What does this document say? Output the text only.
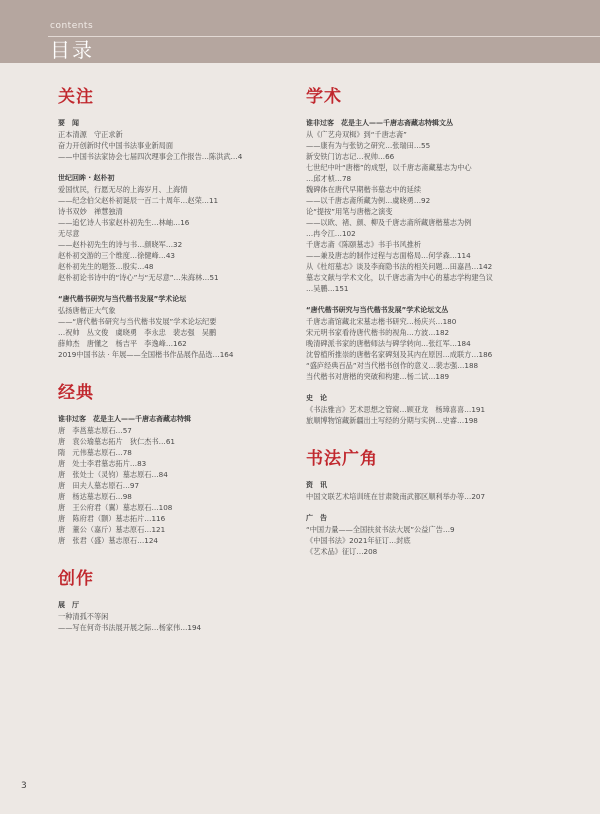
contents
目录
关注
要　闻
正本清源　守正求新
奋力开创新时代中国书法事业新局面
——中国书法家协会七届四次理事会工作报告…陈洪武…4
世纪回眸 · 赵朴初
爱国忧民，行愿无尽的上海岁月、上海情
——纪念伯父赵朴初诞辰一百二十周年…赵荣…11
诗书双妙　禅慧独清
——追忆诗人书家赵朴初先生…林岫…16
无尽意
——赵朴初先生的诗与书…颜晓军…32
赵朴初交游的三个维度…徐健峰…43
赵朴初先生的题签…殷实…48
赵朴初论书诗中的“诗心”与“无尽意”…朱海林…51
“唐代楷书研究与当代楷书发展”学术论坛
弘扬唐楷正大气象
——“唐代楷书研究与当代楷书发展”学术论坛纪要
…祝帅　丛文俊　虞晓勇　李永忠　裴志强　吴鹏
薛帅杰　唐懂之　杨吉平　李逸峰…162
2019中国书法 · 年展——全国楷书作品展作品选…164
经典
谁非过客　花是主人——千唐志斋藏志特辑
唐　李邕墓志原石…57
唐　袁公瑜墓志拓片　狄仁杰书…61
隋　元伟墓志原石…78
唐　处士李君墓志拓片…83
唐　张处士（灵钧）墓志原石…84
唐　田夫人墓志原石…97
唐　杨达墓志原石…98
唐　王公府君（翼）墓志原石…108
唐　陈府君（颢）墓志拓片…116
唐　董公（嘉斤）墓志原石…121
唐　张君（盛）墓志原石…124
创作
展　厅
一种清孤不等闲
——写在何奇书法展开展之际…杨家伟…194
学术
谁非过客　花是主人——千唐志斋藏志特辑文丛
从《广艺舟双楫》到“千唐志斋”
——康有为与张钫之研究…张瑞田…55
新安铁门访志记…祝帅…66
七世纪中叶“唐楷”的成型，以千唐志斋藏墓志为中心
…邱才桢…78
魏碑体在唐代早期楷书墓志中的延续
——以千唐志斋所藏为例…虞晓勇…92
论“提按”用笔与唐楷之演变
——以欧、褚、颜、柳及千唐志斋所藏唐楷墓志为例
…冉令江…102
千唐志斋《陈颐墓志》书手书风推析
——兼及唐志的制作过程与志面格局…何学森…114
从《杜绍墓志》谈及李商隐书法的相关问题…田嘉昌…142
墓志文献与学术文化，以千唐志斋为中心的墓志学构建刍议
…吴鹏…151
“唐代楷书研究与当代楷书发展”学术论坛文丛
千唐志斋馆藏北宋墓志楷书研究…杨庆兴…180
宋元明书家看待唐代楷书的视角…方波…182
晚清碑派书家的唐楷师法与碑学转向…张红军…184
沈曾植所推崇的唐楷名家碑刻及其内在原因…成联方…186
“盛庐经典百品”对当代楷书创作的意义…裴志强…188
当代楷书对唐楷的突破和构建…杨二试…189
史　论
《书法雅言》艺术思想之管窥…顾亚龙　杨璋喜喜…191
旅顺博物馆藏新疆出土写经的分期与实例…史睿…198
书法广角
资　讯
中国文联艺术培训班在甘肃陇南武都区顺利举办等…207
广　告
“中国力量——全国扶贫书法大展”公益广告…9
《中国书法》2021年征订…封底
《艺术品》征订…208
3
